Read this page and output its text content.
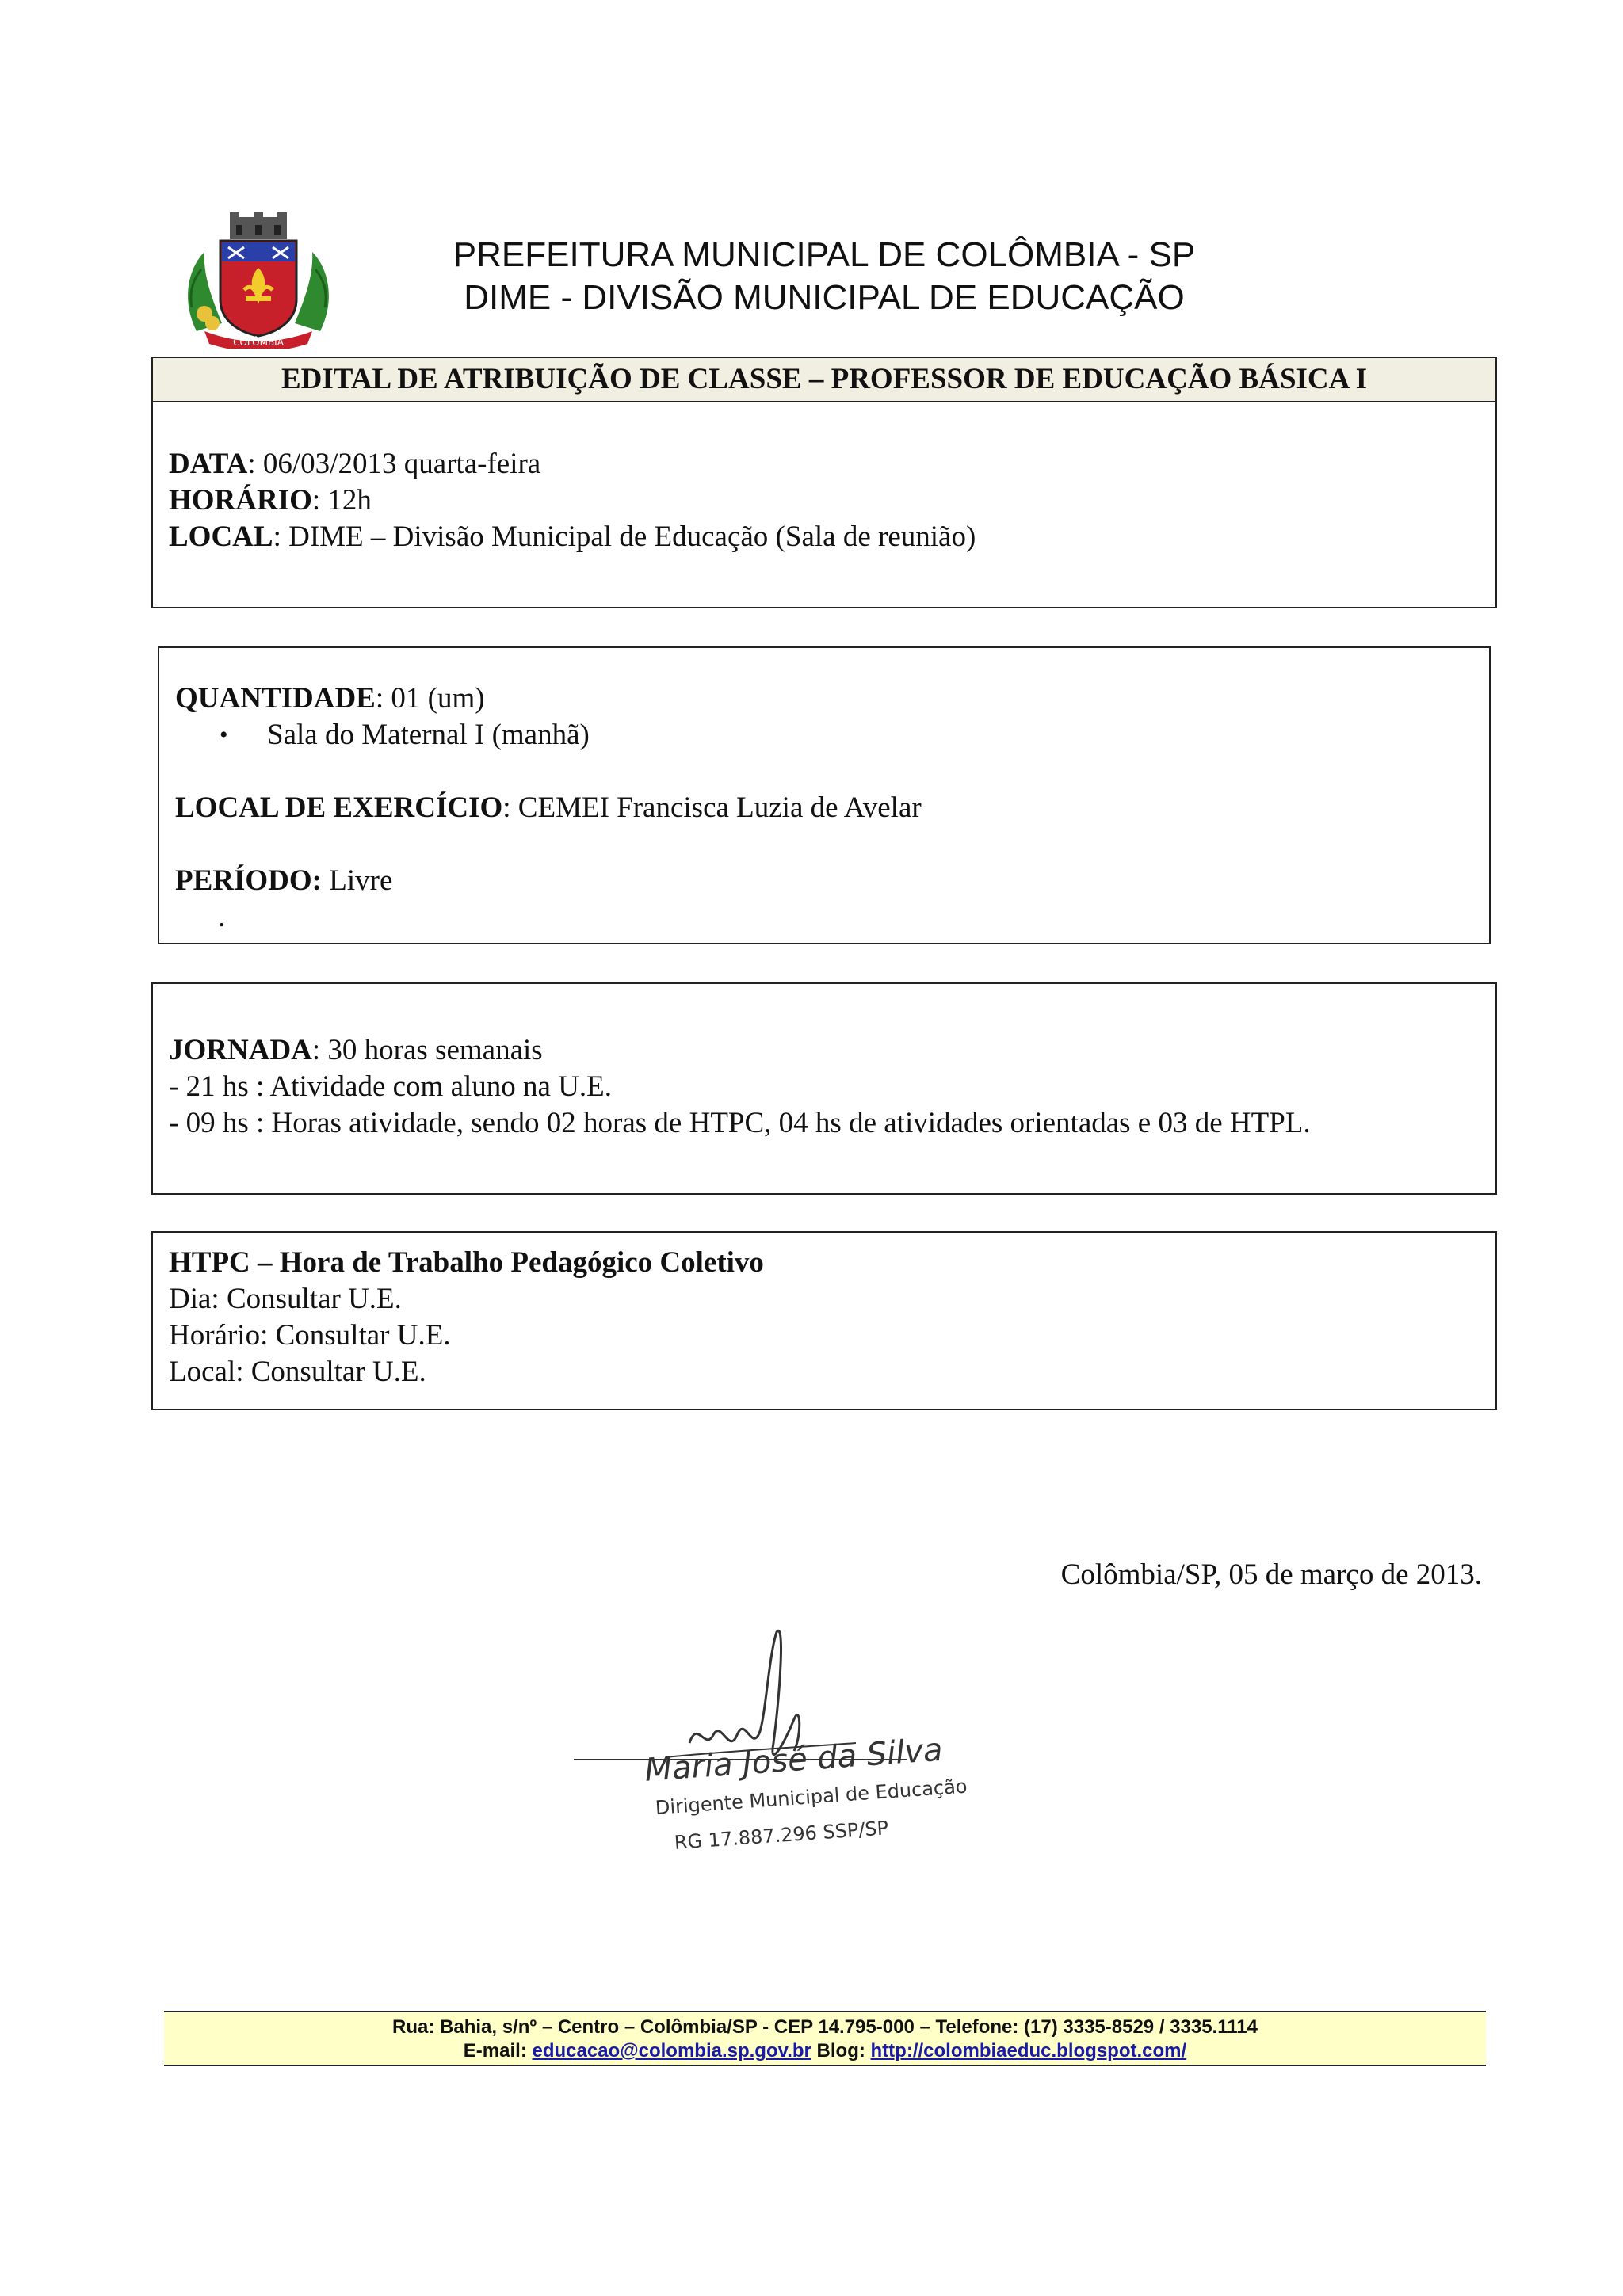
COLÔMBIA
PREFEITURA MUNICIPAL DE COLÔMBIA - SP
DIME - DIVISÃO MUNICIPAL DE EDUCAÇÃO
EDITAL DE ATRIBUIÇÃO DE CLASSE – PROFESSOR DE EDUCAÇÃO BÁSICA I
DATA: 06/03/2013 quarta-feira
HORÁRIO: 12h
LOCAL: DIME – Divisão Municipal de Educação (Sala de reunião)
QUANTIDADE: 01 (um)
• Sala do Maternal I (manhã)
LOCAL DE EXERCÍCIO: CEMEI Francisca Luzia de Avelar
PERÍODO: Livre
.
JORNADA: 30 horas semanais
- 21 hs : Atividade com aluno na U.E.
- 09 hs : Horas atividade, sendo 02 horas de HTPC, 04 hs de atividades orientadas e 03 de HTPL.
HTPC – Hora de Trabalho Pedagógico Coletivo
Dia: Consultar U.E.
Horário: Consultar U.E.
Local: Consultar U.E.
Colômbia/SP, 05 de março de 2013.
Maria José da Silva
Dirigente Municipal de Educação
RG 17.887.296 SSP/SP
Rua: Bahia, s/nº – Centro – Colômbia/SP - CEP 14.795-000 – Telefone: (17) 3335-8529 / 3335.1114
E-mail: educacao@colombia.sp.gov.br Blog: http://colombiaeduc.blogspot.com/
